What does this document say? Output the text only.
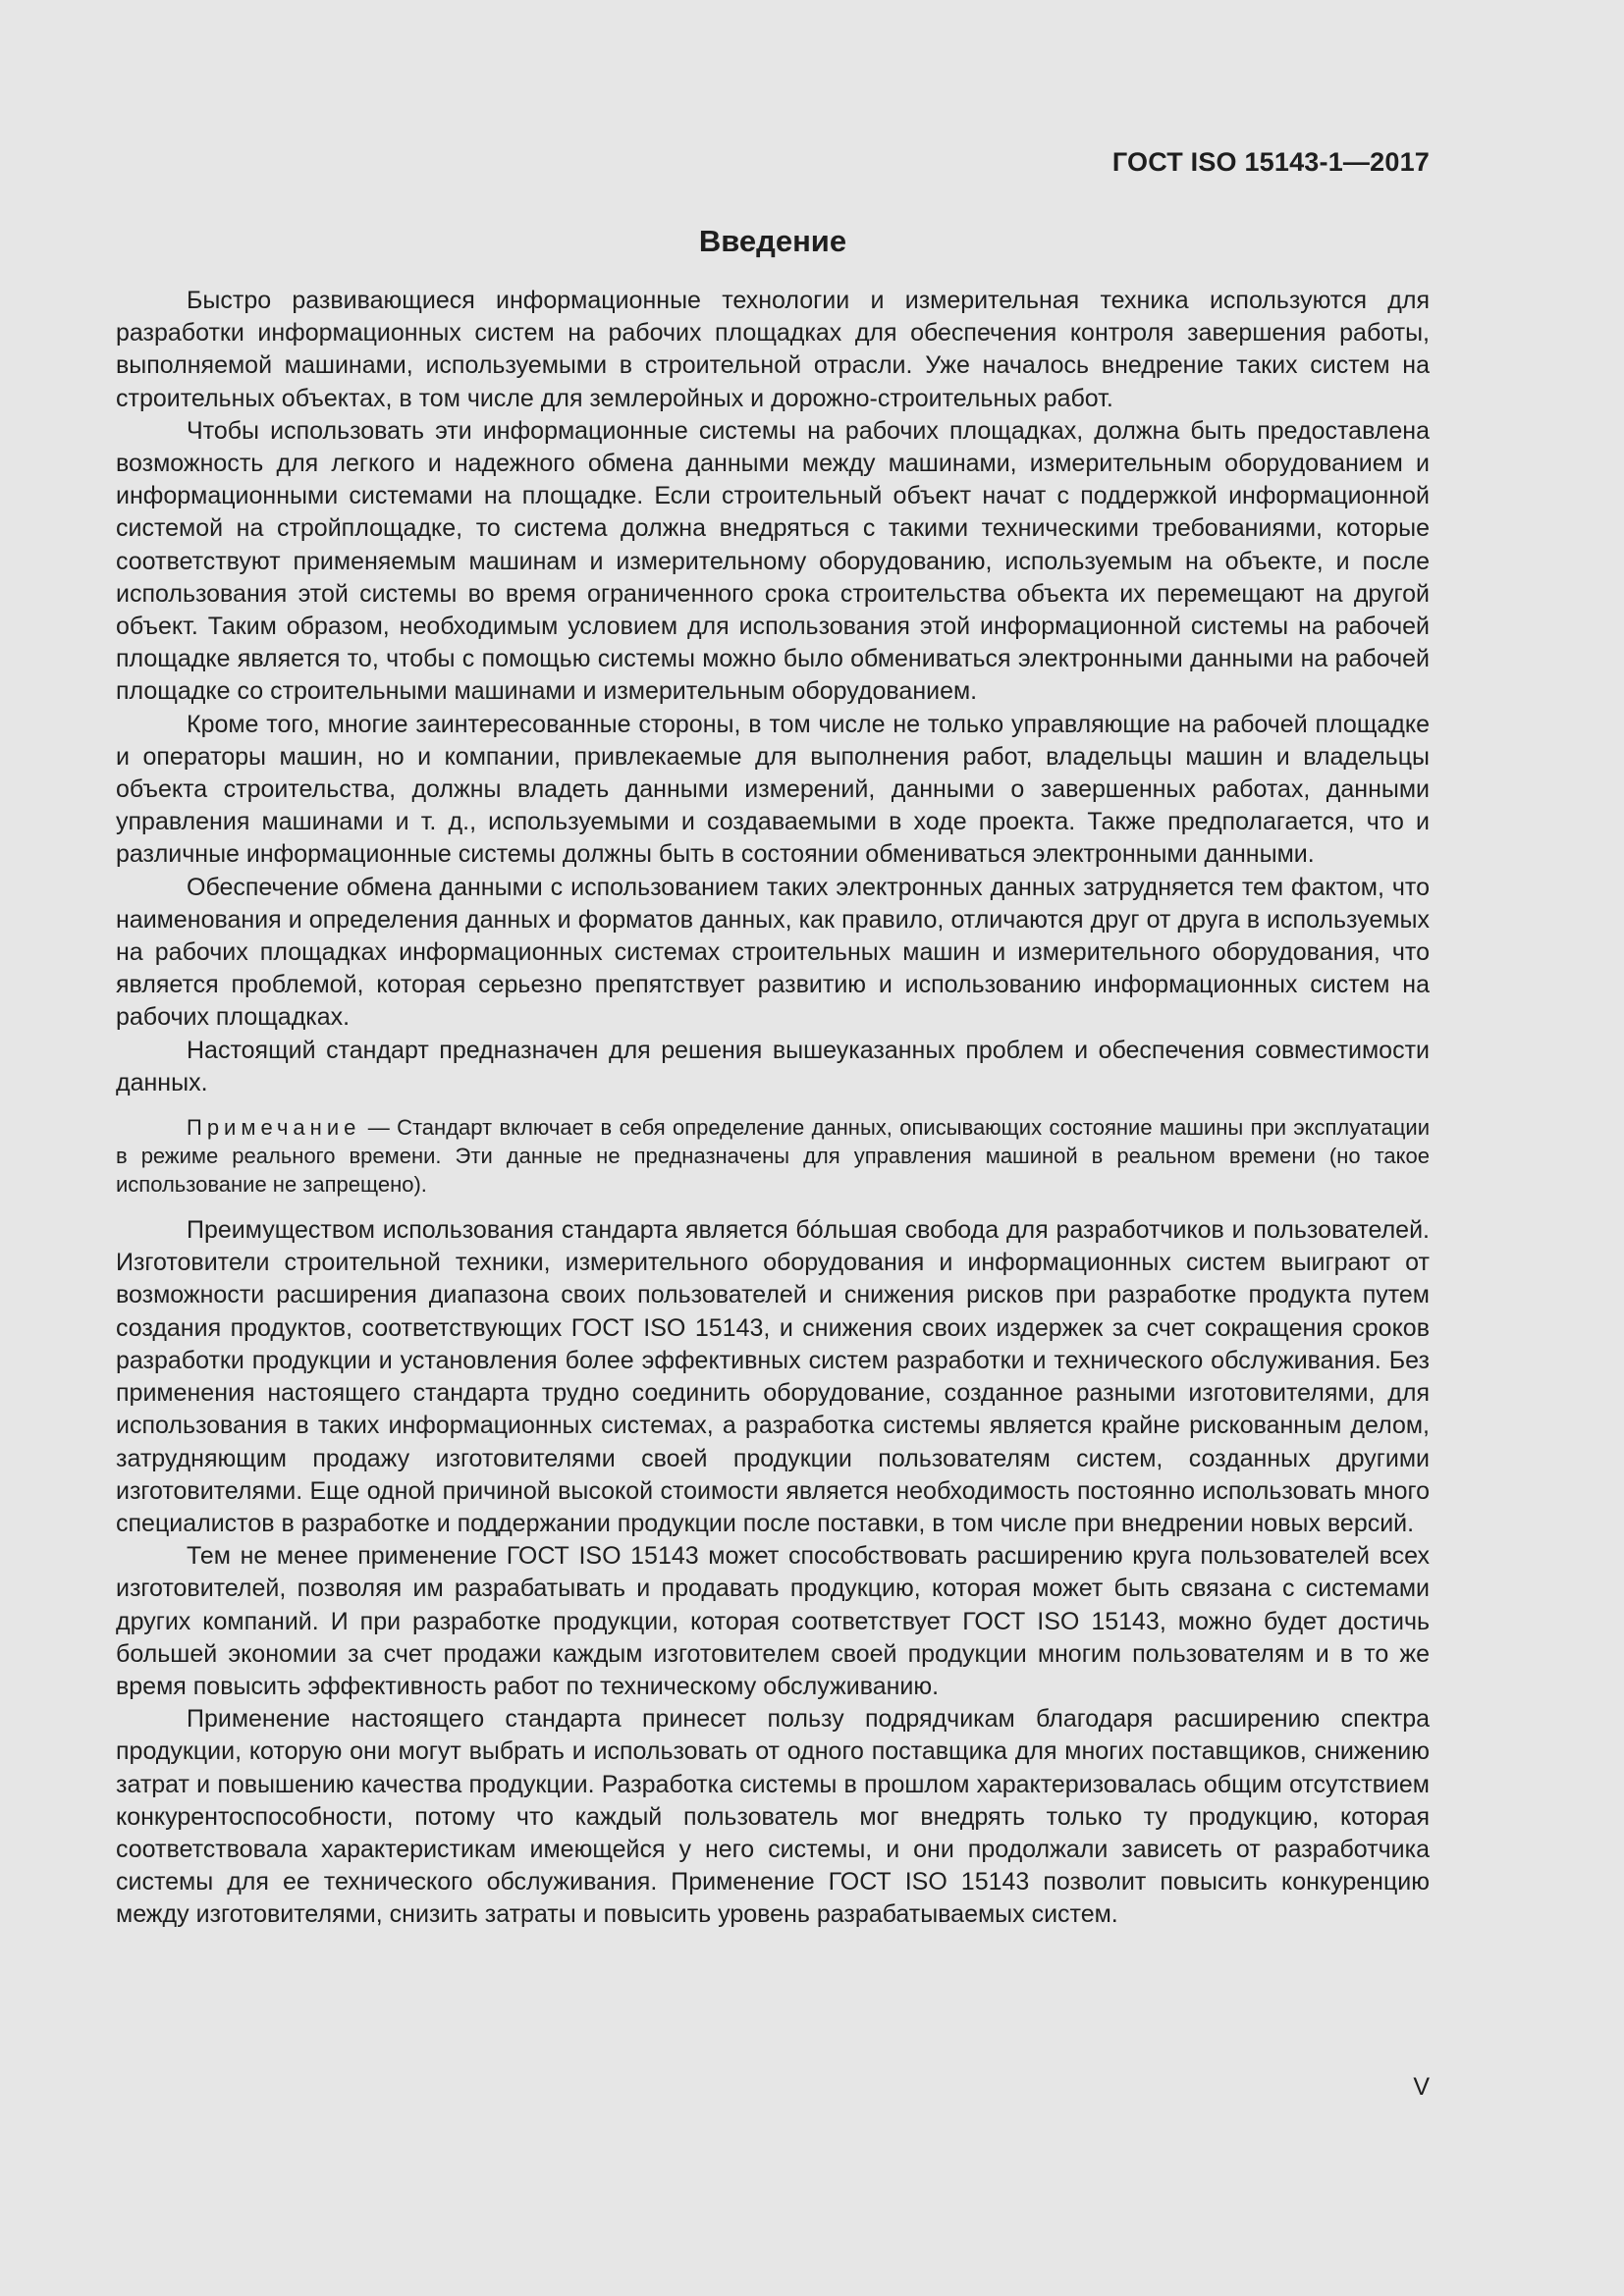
ГОСТ ISO 15143-1—2017
Введение

Быстро развивающиеся информационные технологии и измерительная техника используются для разработки информационных систем на рабочих площадках для обеспечения контроля завершения работы, выполняемой машинами, используемыми в строительной отрасли. Уже началось внедрение таких систем на строительных объектах, в том числе для землеройных и дорожно-строительных работ.

Чтобы использовать эти информационные системы на рабочих площадках, должна быть предоставлена возможность для легкого и надежного обмена данными между машинами, измерительным оборудованием и информационными системами на площадке. Если строительный объект начат с поддержкой информационной системой на стройплощадке, то система должна внедряться с такими техническими требованиями, которые соответствуют применяемым машинам и измерительному оборудованию, используемым на объекте, и после использования этой системы во время ограниченного срока строительства объекта их перемещают на другой объект. Таким образом, необходимым условием для использования этой информационной системы на рабочей площадке является то, чтобы с помощью системы можно было обмениваться электронными данными на рабочей площадке со строительными машинами и измерительным оборудованием.

Кроме того, многие заинтересованные стороны, в том числе не только управляющие на рабочей площадке и операторы машин, но и компании, привлекаемые для выполнения работ, владельцы машин и владельцы объекта строительства, должны владеть данными измерений, данными о завершенных работах, данными управления машинами и т. д., используемыми и создаваемыми в ходе проекта. Также предполагается, что и различные информационные системы должны быть в состоянии обмениваться электронными данными.

Обеспечение обмена данными с использованием таких электронных данных затрудняется тем фактом, что наименования и определения данных и форматов данных, как правило, отличаются друг от друга в используемых на рабочих площадках информационных системах строительных машин и измерительного оборудования, что является проблемой, которая серьезно препятствует развитию и использованию информационных систем на рабочих площадках.

Настоящий стандарт предназначен для решения вышеуказанных проблем и обеспечения совместимости данных.

Примечание — Стандарт включает в себя определение данных, описывающих состояние машины при эксплуатации в режиме реального времени. Эти данные не предназначены для управления машиной в реальном времени (но такое использование не запрещено).

Преимуществом использования стандарта является бóльшая свобода для разработчиков и пользователей. Изготовители строительной техники, измерительного оборудования и информационных систем выиграют от возможности расширения диапазона своих пользователей и снижения рисков при разработке продукта путем создания продуктов, соответствующих ГОСТ ISO 15143, и снижения своих издержек за счет сокращения сроков разработки продукции и установления более эффективных систем разработки и технического обслуживания. Без применения настоящего стандарта трудно соединить оборудование, созданное разными изготовителями, для использования в таких информационных системах, а разработка системы является крайне рискованным делом, затрудняющим продажу изготовителями своей продукции пользователям систем, созданных другими изготовителями. Еще одной причиной высокой стоимости является необходимость постоянно использовать много специалистов в разработке и поддержании продукции после поставки, в том числе при внедрении новых версий.

Тем не менее применение ГОСТ ISO 15143 может способствовать расширению круга пользователей всех изготовителей, позволяя им разрабатывать и продавать продукцию, которая может быть связана с системами других компаний. И при разработке продукции, которая соответствует ГОСТ ISO 15143, можно будет достичь большей экономии за счет продажи каждым изготовителем своей продукции многим пользователям и в то же время повысить эффективность работ по техническому обслуживанию.

Применение настоящего стандарта принесет пользу подрядчикам благодаря расширению спектра продукции, которую они могут выбрать и использовать от одного поставщика для многих поставщиков, снижению затрат и повышению качества продукции. Разработка системы в прошлом характеризовалась общим отсутствием конкурентоспособности, потому что каждый пользователь мог внедрять только ту продукцию, которая соответствовала характеристикам имеющейся у него системы, и они продолжали зависеть от разработчика системы для ее технического обслуживания. Применение ГОСТ ISO 15143 позволит повысить конкуренцию между изготовителями, снизить затраты и повысить уровень разрабатываемых систем.

V
